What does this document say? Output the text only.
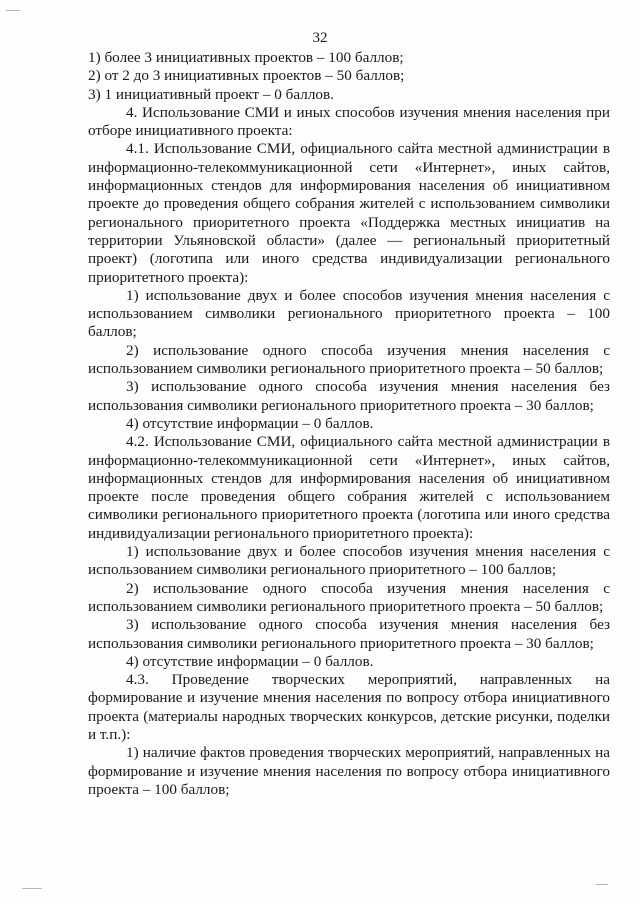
32

1) более 3 инициативных проектов – 100 баллов;

2) от 2 до 3 инициативных проектов – 50 баллов;

3) 1 инициативный проект – 0 баллов.

4. Использование СМИ и иных способов изучения мнения населения при отборе инициативного проекта:

4.1. Использование СМИ, официального сайта местной администрации в информационно-телекоммуникационной сети «Интернет», иных сайтов, информационных стендов для информирования населения об инициативном проекте до проведения общего собрания жителей с использованием символики регионального приоритетного проекта «Поддержка местных инициатив на территории Ульяновской области» (далее — региональный приоритетный проект) (логотипа или иного средства индивидуализации регионального приоритетного проекта):

1) использование двух и более способов изучения мнения населения с использованием символики регионального приоритетного проекта – 100 баллов;

2) использование одного способа изучения мнения населения с использованием символики регионального приоритетного проекта – 50 баллов;

3) использование одного способа изучения мнения населения без использования символики регионального приоритетного проекта – 30 баллов;

4) отсутствие информации – 0 баллов.

4.2. Использование СМИ, официального сайта местной администрации в информационно-телекоммуникационной сети «Интернет», иных сайтов, информационных стендов для информирования населения об инициативном проекте после проведения общего собрания жителей с использованием символики регионального приоритетного проекта (логотипа или иного средства индивидуализации регионального приоритетного проекта):

1) использование двух и более способов изучения мнения населения с использованием символики регионального приоритетного – 100 баллов;

2) использование одного способа изучения мнения населения с использованием символики регионального приоритетного проекта – 50 баллов;

3) использование одного способа изучения мнения населения без использования символики регионального приоритетного проекта – 30 баллов;

4) отсутствие информации – 0 баллов.

4.3. Проведение творческих мероприятий, направленных на формирование и изучение мнения населения по вопросу отбора инициативного проекта (материалы народных творческих конкурсов, детские рисунки, поделки и т.п.):

1) наличие фактов проведения творческих мероприятий, направленных на формирование и изучение мнения населения по вопросу отбора инициативного проекта – 100 баллов;
